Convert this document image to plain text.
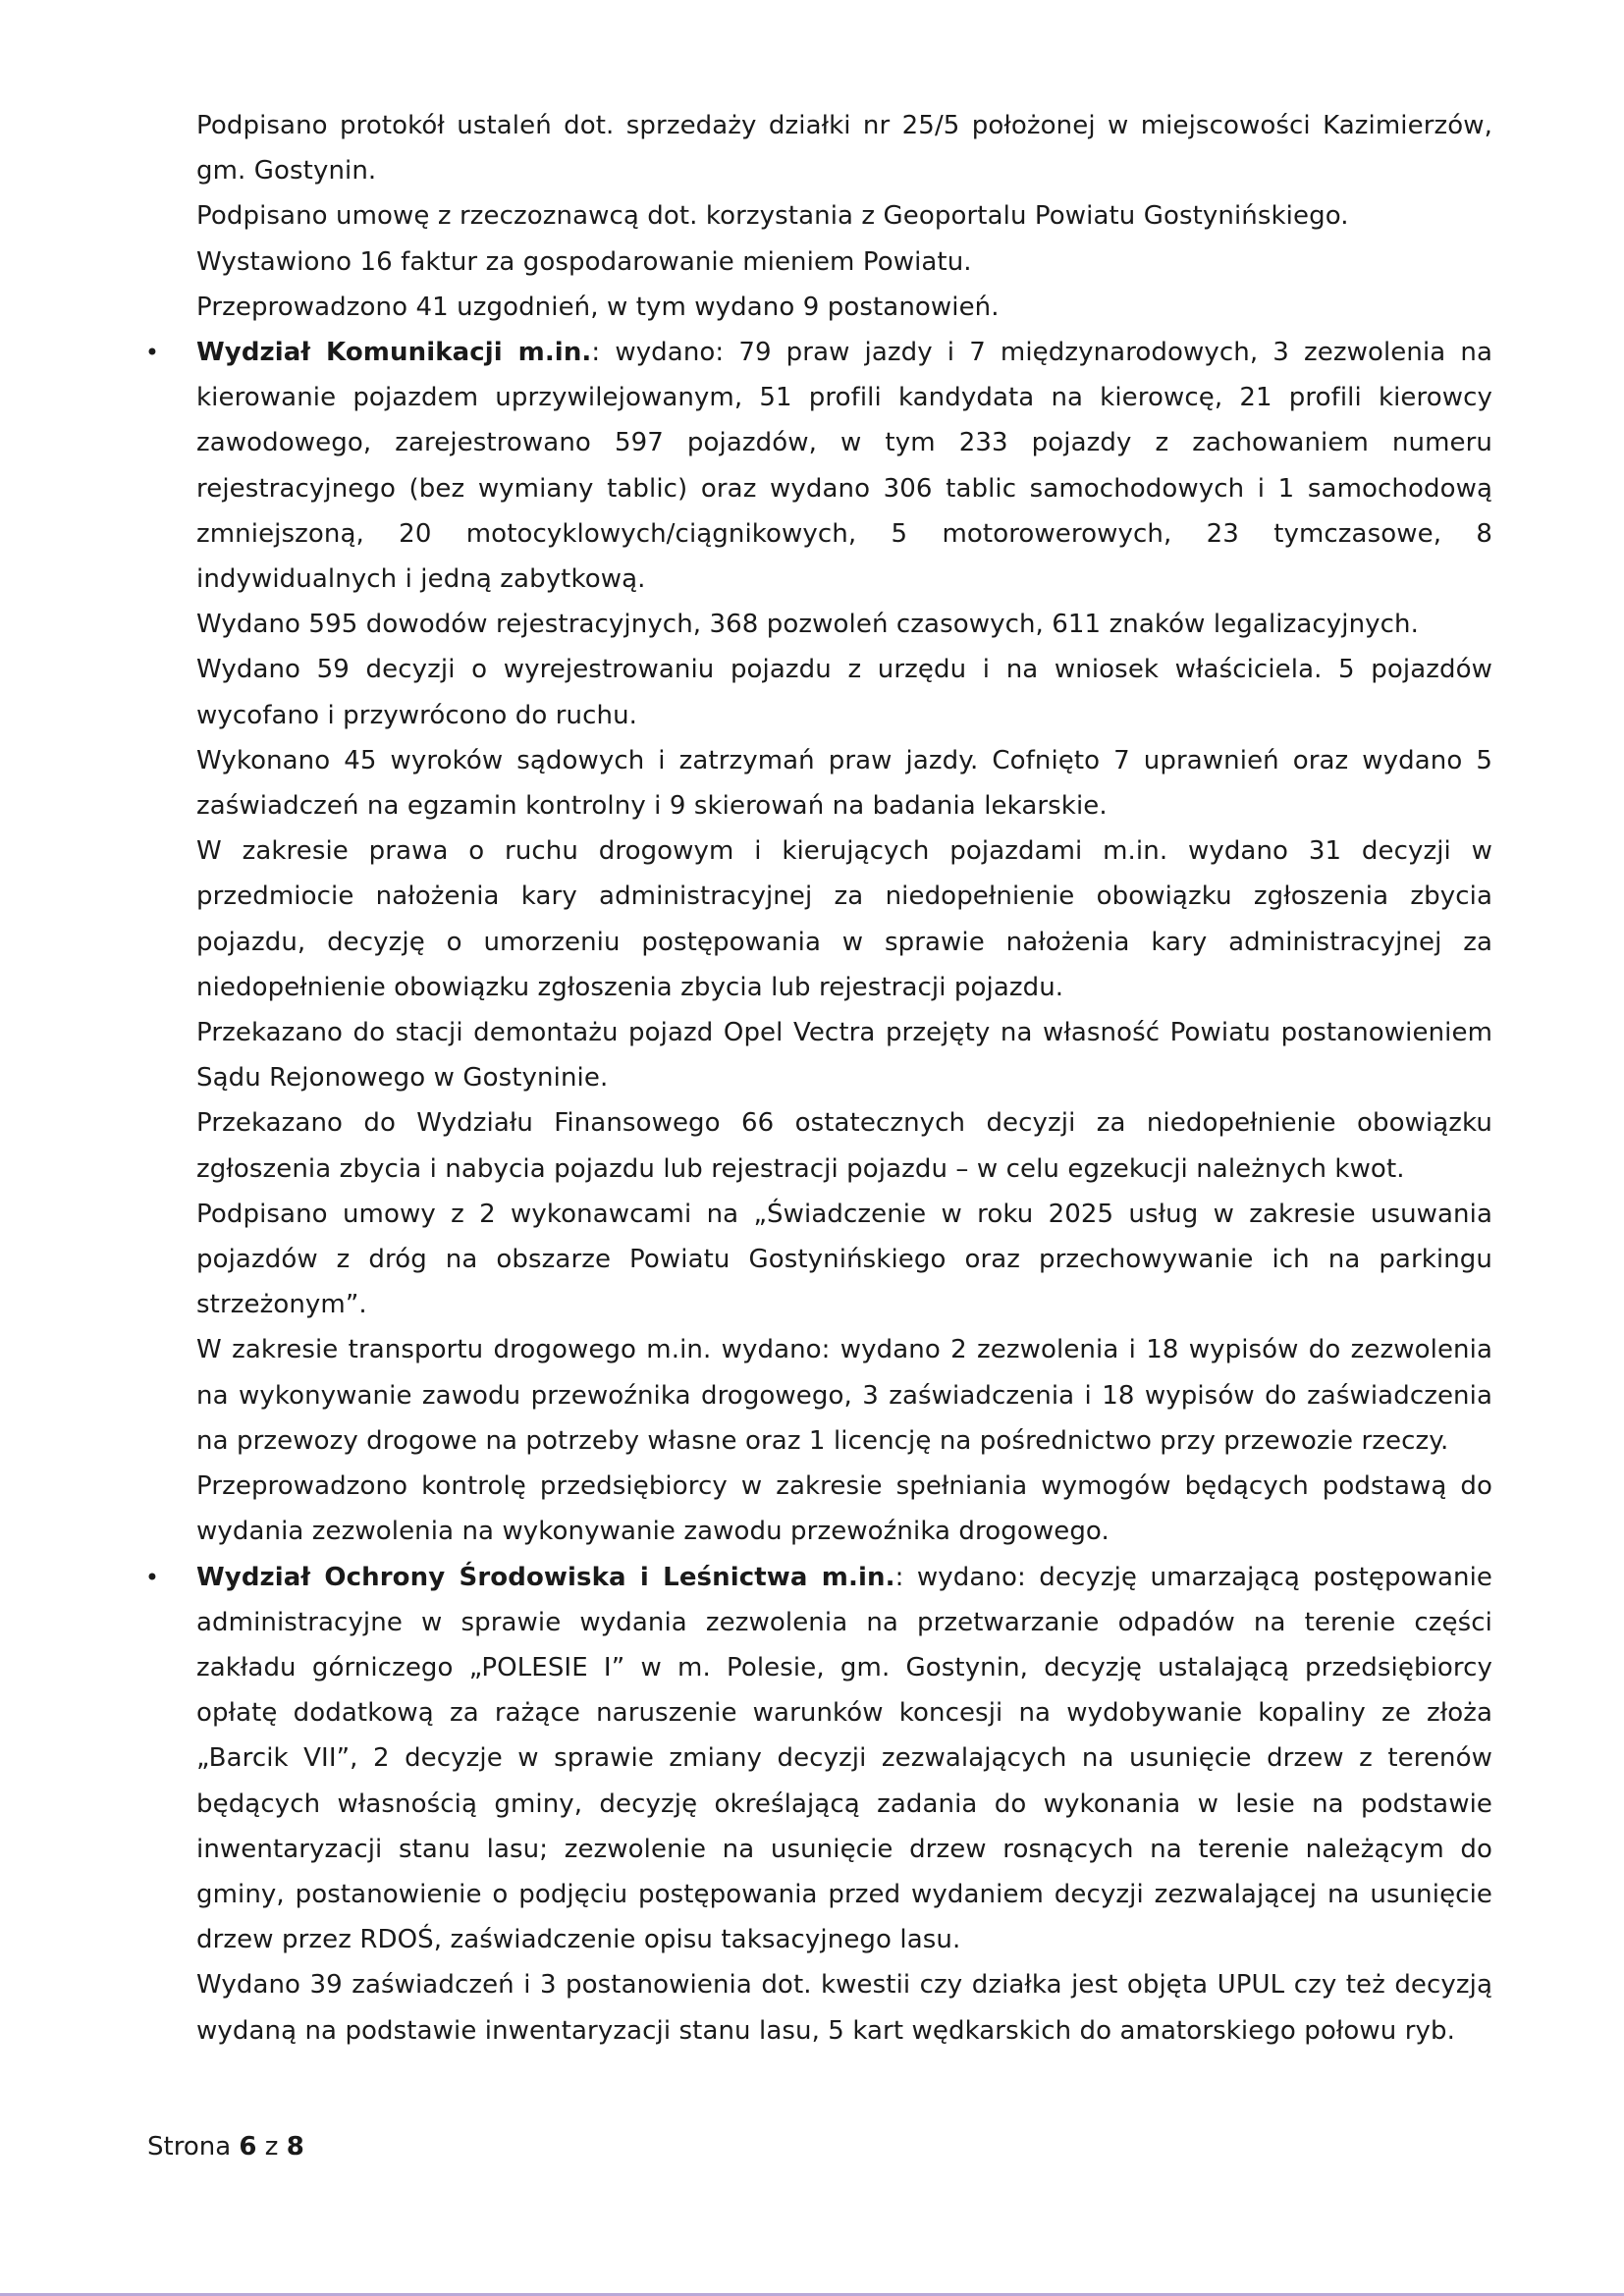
Podpisano protokół ustaleń dot. sprzedaży działki nr 25/5 położonej w miejscowości Kazimierzów, gm. Gostynin.

Podpisano umowę z rzeczoznawcą dot. korzystania z Geoportalu Powiatu Gostynińskiego.

Wystawiono 16 faktur za gospodarowanie mieniem Powiatu.

Przeprowadzono 41 uzgodnień, w tym wydano 9 postanowień.

• Wydział Komunikacji m.in.: wydano: 79 praw jazdy i 7 międzynarodowych, 3 zezwolenia na kierowanie pojazdem uprzywilejowanym, 51 profili kandydata na kierowcę, 21 profili kierowcy zawodowego, zarejestrowano 597 pojazdów, w tym 233 pojazdy z zachowaniem numeru rejestracyjnego (bez wymiany tablic) oraz wydano 306 tablic samochodowych i 1 samochodową zmniejszoną, 20 motocyklowych/ciągnikowych, 5 motorowerowych, 23 tymczasowe, 8 indywidualnych i jedną zabytkową.

Wydano 595 dowodów rejestracyjnych, 368 pozwoleń czasowych, 611 znaków legalizacyjnych.

Wydano 59 decyzji o wyrejestrowaniu pojazdu z urzędu i na wniosek właściciela. 5 pojazdów wycofano i przywrócono do ruchu.

Wykonano 45 wyroków sądowych i zatrzymań praw jazdy. Cofnięto 7 uprawnień oraz wydano 5 zaświadczeń na egzamin kontrolny i 9 skierowań na badania lekarskie.

W zakresie prawa o ruchu drogowym i kierujących pojazdami m.in. wydano 31 decyzji w przedmiocie nałożenia kary administracyjnej za niedopełnienie obowiązku zgłoszenia zbycia pojazdu, decyzję o umorzeniu postępowania w sprawie nałożenia kary administracyjnej za niedopełnienie obowiązku zgłoszenia zbycia lub rejestracji pojazdu.

Przekazano do stacji demontażu pojazd Opel Vectra przejęty na własność Powiatu postanowieniem Sądu Rejonowego w Gostyninie.

Przekazano do Wydziału Finansowego 66 ostatecznych decyzji za niedopełnienie obowiązku zgłoszenia zbycia i nabycia pojazdu lub rejestracji pojazdu – w celu egzekucji należnych kwot.

Podpisano umowy z 2 wykonawcami na „Świadczenie w roku 2025 usług w zakresie usuwania pojazdów z dróg na obszarze Powiatu Gostynińskiego oraz przechowywanie ich na parkingu strzeżonym”.

W zakresie transportu drogowego m.in. wydano: wydano 2 zezwolenia i 18 wypisów do zezwolenia na wykonywanie zawodu przewoźnika drogowego, 3 zaświadczenia i 18 wypisów do zaświadczenia na przewozy drogowe na potrzeby własne oraz 1 licencję na pośrednictwo przy przewozie rzeczy.

Przeprowadzono kontrolę przedsiębiorcy w zakresie spełniania wymogów będących podstawą do wydania zezwolenia na wykonywanie zawodu przewoźnika drogowego.

• Wydział Ochrony Środowiska i Leśnictwa m.in.: wydano: decyzję umarzającą postępowanie administracyjne w sprawie wydania zezwolenia na przetwarzanie odpadów na terenie części zakładu górniczego „POLESIE I” w m. Polesie, gm. Gostynin, decyzję ustalającą przedsiębiorcy opłatę dodatkową za rażące naruszenie warunków koncesji na wydobywanie kopaliny ze złoża „Barcik VII”, 2 decyzje w sprawie zmiany decyzji zezwalających na usunięcie drzew z terenów będących własnością gminy, decyzję określającą zadania do wykonania w lesie na podstawie inwentaryzacji stanu lasu; zezwolenie na usunięcie drzew rosnących na terenie należącym do gminy, postanowienie o podjęciu postępowania przed wydaniem decyzji zezwalającej na usunięcie drzew przez RDOŚ, zaświadczenie opisu taksacyjnego lasu.

Wydano 39 zaświadczeń i 3 postanowienia dot. kwestii czy działka jest objęta UPUL czy też decyzją wydaną na podstawie inwentaryzacji stanu lasu, 5 kart wędkarskich do amatorskiego połowu ryb.

Strona 6 z 8
